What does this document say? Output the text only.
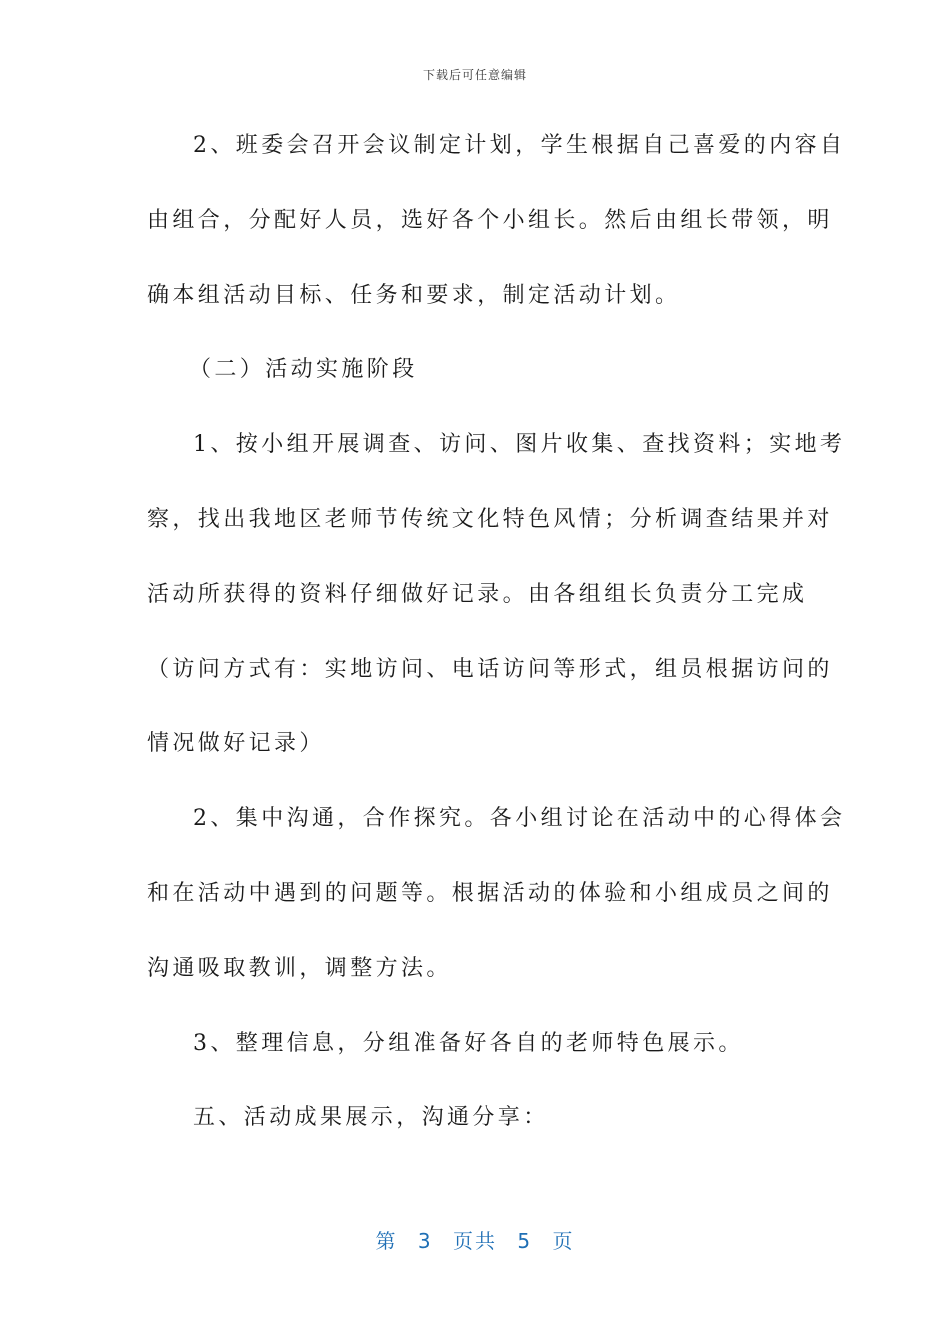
下载后可任意编辑
2、班委会召开会议制定计划，学生根据自己喜爱的内容自
由组合，分配好人员，选好各个小组长。然后由组长带领，明
确本组活动目标、任务和要求，制定活动计划。
（二）活动实施阶段
1、按小组开展调查、访问、图片收集、查找资料；实地考
察，找出我地区老师节传统文化特色风情；分析调查结果并对
活动所获得的资料仔细做好记录。由各组组长负责分工完成
（访问方式有：实地访问、电话访问等形式，组员根据访问的
情况做好记录）
2、集中沟通，合作探究。各小组讨论在活动中的心得体会
和在活动中遇到的问题等。根据活动的体验和小组成员之间的
沟通吸取教训，调整方法。
3、整理信息，分组准备好各自的老师特色展示。
五、活动成果展示，沟通分享：
第 3 页共 5 页
